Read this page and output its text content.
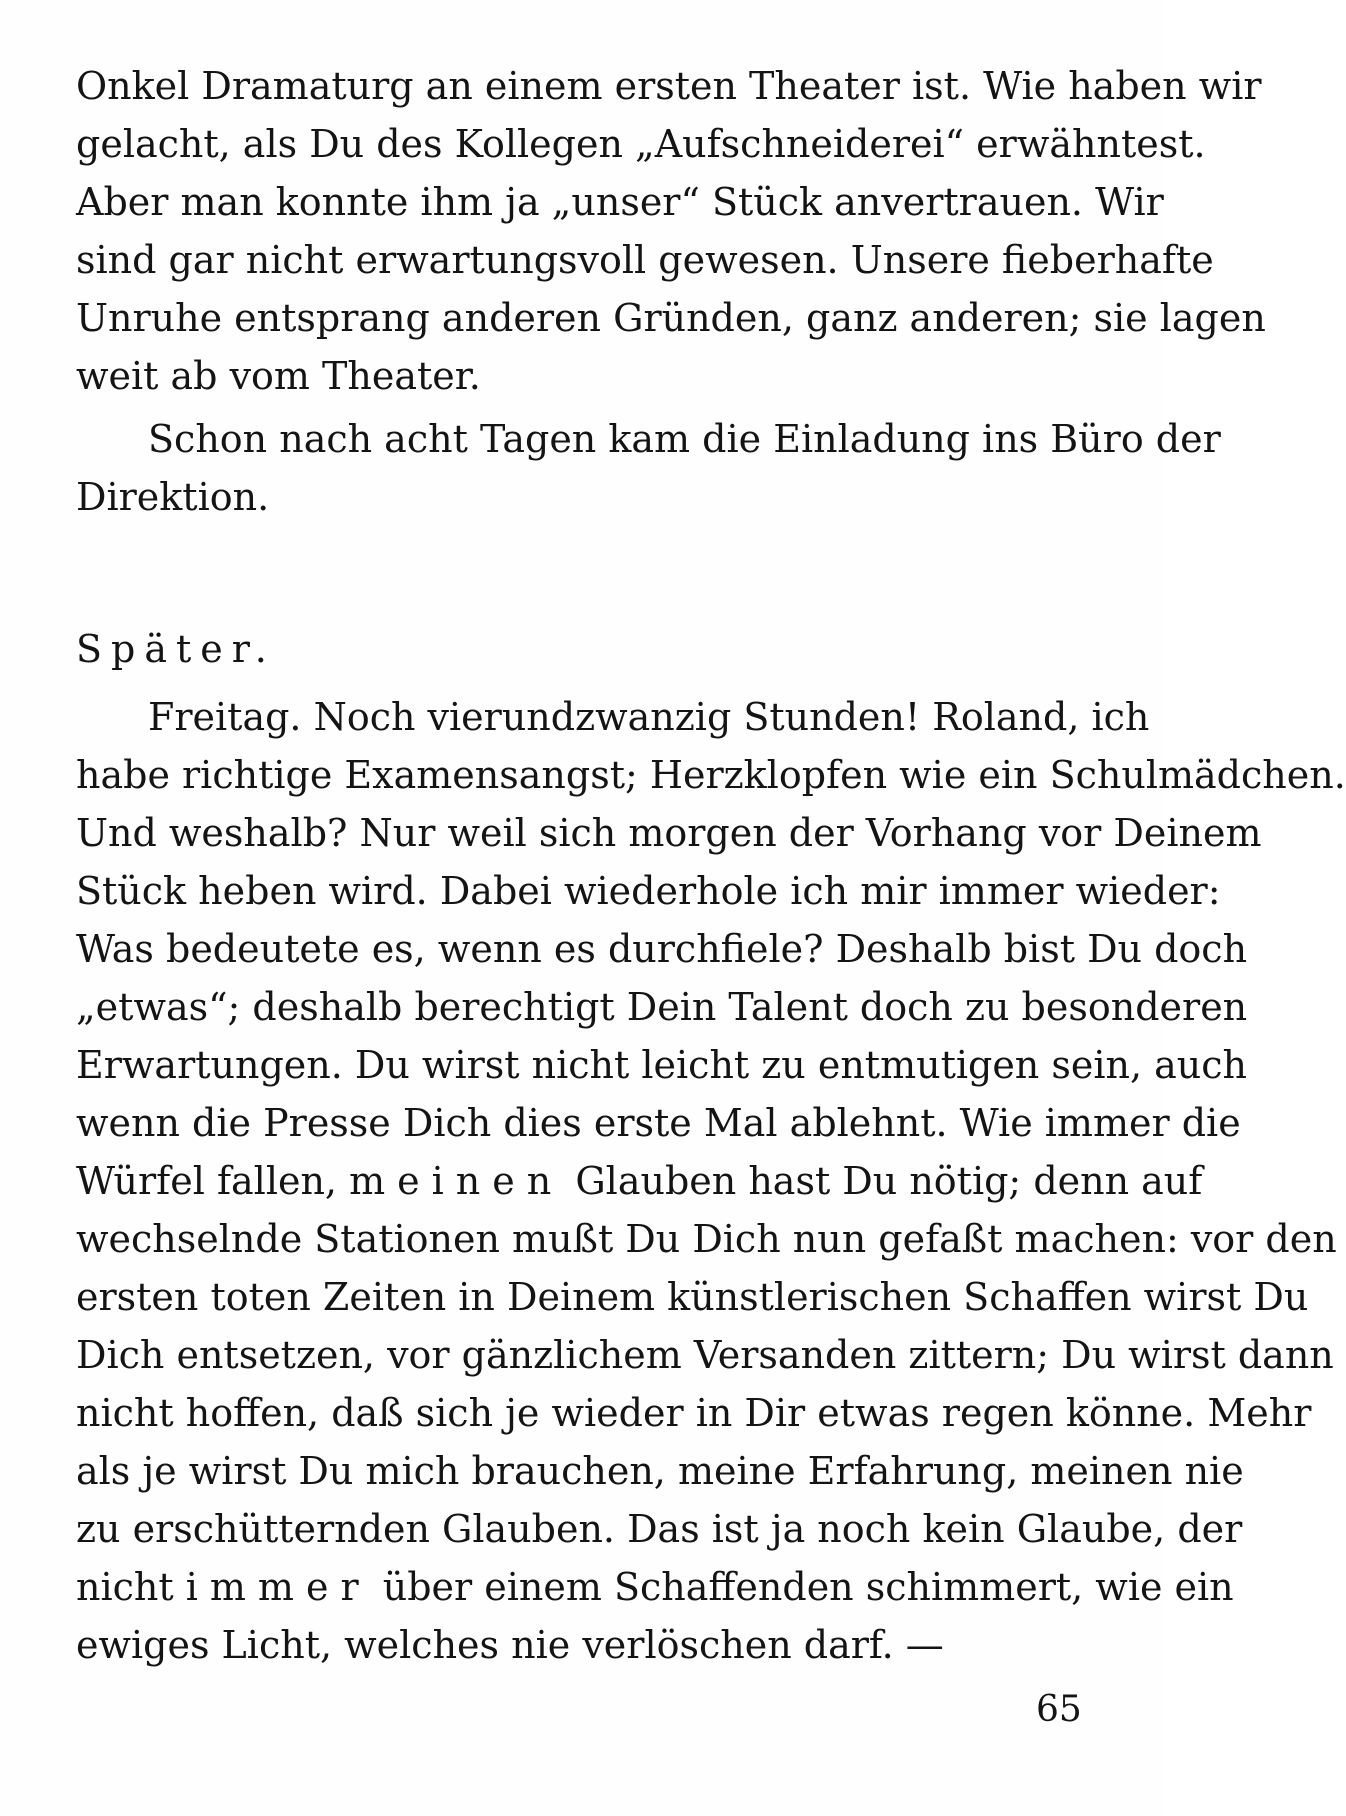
Onkel Dramaturg an einem ersten Theater ist. Wie haben wir
gelacht, als Du des Kollegen „Aufschneiderei“ erwähntest.
Aber man konnte ihm ja „unser“ Stück anvertrauen. Wir
sind gar nicht erwartungsvoll gewesen. Unsere fieberhafte
Unruhe entsprang anderen Gründen, ganz anderen; sie lagen
weit ab vom Theater.
Schon nach acht Tagen kam die Einladung ins Büro der
Direktion.
Später.
Freitag. Noch vierundzwanzig Stunden! Roland, ich
habe richtige Examensangst; Herzklopfen wie ein Schulmädchen.
Und weshalb? Nur weil sich morgen der Vorhang vor Deinem
Stück heben wird. Dabei wiederhole ich mir immer wieder:
Was bedeutete es, wenn es durchfiele? Deshalb bist Du doch
„etwas“; deshalb berechtigt Dein Talent doch zu besonderen
Erwartungen. Du wirst nicht leicht zu entmutigen sein, auch
wenn die Presse Dich dies erste Mal ablehnt. Wie immer die
Würfel fallen, meinen Glauben hast Du nötig; denn auf
wechselnde Stationen mußt Du Dich nun gefaßt machen: vor den
ersten toten Zeiten in Deinem künstlerischen Schaffen wirst Du
Dich entsetzen, vor gänzlichem Versanden zittern; Du wirst dann
nicht hoffen, daß sich je wieder in Dir etwas regen könne. Mehr
als je wirst Du mich brauchen, meine Erfahrung, meinen nie
zu erschütternden Glauben. Das ist ja noch kein Glaube, der
nicht immer über einem Schaffenden schimmert, wie ein
ewiges Licht, welches nie verlöschen darf. —
65
